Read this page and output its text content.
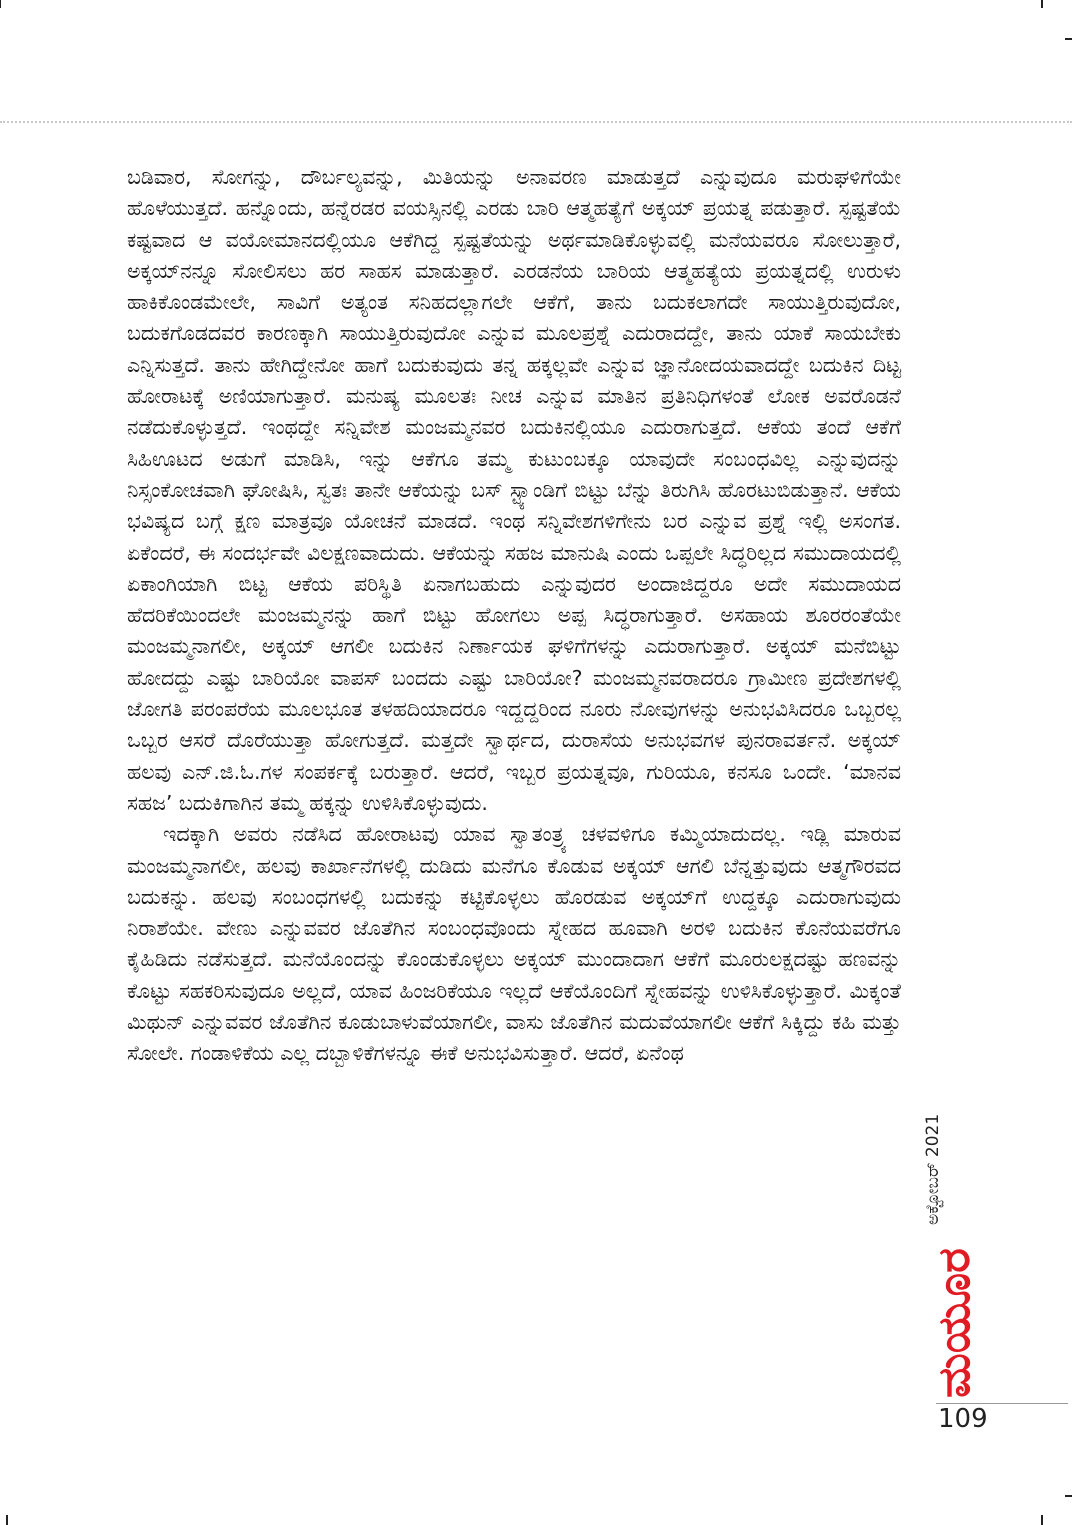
ಬಡಿವಾರ, ಸೋಗನ್ನು, ದೌರ್ಬಲ್ಯವನ್ನು, ಮಿತಿಯನ್ನು ಅನಾವರಣ ಮಾಡುತ್ತದೆ ಎನ್ನುವುದೂ ಮರುಘಳಿಗೆಯೇ ಹೊಳೆಯುತ್ತದೆ. ಹನ್ನೊಂದು, ಹನ್ನೆರಡರ ವಯಸ್ಸಿನಲ್ಲಿ ಎರಡು ಬಾರಿ ಆತ್ಮಹತ್ಯೆಗೆ ಅಕ್ಕಯ್ ಪ್ರಯತ್ನ ಪಡುತ್ತಾರೆ. ಸ್ಪಷ್ಟತೆಯೆ ಕಷ್ಟವಾದ ಆ ವಯೋಮಾನದಲ್ಲಿಯೂ ಆಕೆಗಿದ್ದ ಸ್ಪಷ್ಟತೆಯನ್ನು ಅರ್ಥಮಾಡಿಕೊಳ್ಳುವಲ್ಲಿ ಮನೆಯವರೂ ಸೋಲುತ್ತಾರೆ, ಅಕ್ಕಯ್‌ನನ್ನೂ ಸೋಲಿಸಲು ಹರ ಸಾಹಸ ಮಾಡುತ್ತಾರೆ. ಎರಡನೆಯ ಬಾರಿಯ ಆತ್ಮಹತ್ಯೆಯ ಪ್ರಯತ್ನದಲ್ಲಿ ಉರುಳು ಹಾಕಿಕೊಂಡಮೇಲೇ, ಸಾವಿಗೆ ಅತ್ಯಂತ ಸನಿಹದಲ್ಲಾಗಲೇ ಆಕೆಗೆ, ತಾನು ಬದುಕಲಾಗದೇ ಸಾಯುತ್ತಿರುವುದೋ, ಬದುಕಗೊಡದವರ ಕಾರಣಕ್ಕಾಗಿ ಸಾಯುತ್ತಿರುವುದೋ ಎನ್ನುವ ಮೂಲಪ್ರಶ್ನೆ ಎದುರಾದದ್ದೇ, ತಾನು ಯಾಕೆ ಸಾಯಬೇಕು ಎನ್ನಿಸುತ್ತದೆ. ತಾನು ಹೇಗಿದ್ದೇನೋ ಹಾಗೆ ಬದುಕುವುದು ತನ್ನ ಹಕ್ಕಲ್ಲವೇ ಎನ್ನುವ ಜ್ಞಾನೋದಯವಾದದ್ದೇ ಬದುಕಿನ ದಿಟ್ಟ ಹೋರಾಟಕ್ಕೆ ಅಣಿಯಾಗುತ್ತಾರೆ. ಮನುಷ್ಯ ಮೂಲತಃ ನೀಚ ಎನ್ನುವ ಮಾತಿನ ಪ್ರತಿನಿಧಿಗಳಂತೆ ಲೋಕ ಅವರೊಡನೆ ನಡೆದುಕೊಳ್ಳುತ್ತದೆ. ಇಂಥದ್ದೇ ಸನ್ನಿವೇಶ ಮಂಜಮ್ಮನವರ ಬದುಕಿನಲ್ಲಿಯೂ ಎದುರಾಗುತ್ತದೆ. ಆಕೆಯ ತಂದೆ ಆಕೆಗೆ ಸಿಹಿಊಟದ ಅಡುಗೆ ಮಾಡಿಸಿ, ಇನ್ನು ಆಕೆಗೂ ತಮ್ಮ ಕುಟುಂಬಕ್ಕೂ ಯಾವುದೇ ಸಂಬಂಧವಿಲ್ಲ ಎನ್ನುವುದನ್ನು ನಿಸ್ಸಂಕೋಚವಾಗಿ ಘೋಷಿಸಿ, ಸ್ವತಃ ತಾನೇ ಆಕೆಯನ್ನು ಬಸ್ ಸ್ಟ್ಯಾಂಡಿಗೆ ಬಿಟ್ಟು ಬೆನ್ನು ತಿರುಗಿಸಿ ಹೊರಟುಬಿಡುತ್ತಾನೆ. ಆಕೆಯ ಭವಿಷ್ಯದ ಬಗ್ಗೆ ಕ್ಷಣ ಮಾತ್ರವೂ ಯೋಚನೆ ಮಾಡದೆ. ಇಂಥ ಸನ್ನಿವೇಶಗಳಿಗೇನು ಬರ ಎನ್ನುವ ಪ್ರಶ್ನೆ ಇಲ್ಲಿ ಅಸಂಗತ. ಏಕೆಂದರೆ, ಈ ಸಂದರ್ಭವೇ ವಿಲಕ್ಷಣವಾದುದು. ಆಕೆಯನ್ನು ಸಹಜ ಮಾನುಷಿ ಎಂದು ಒಪ್ಪಲೇ ಸಿದ್ಧರಿಲ್ಲದ ಸಮುದಾಯದಲ್ಲಿ ಏಕಾಂಗಿಯಾಗಿ ಬಿಟ್ಟ ಆಕೆಯ ಪರಿಸ್ಥಿತಿ ಏನಾಗಬಹುದು ಎನ್ನುವುದರ ಅಂದಾಜಿದ್ದರೂ ಅದೇ ಸಮುದಾಯದ ಹೆದರಿಕೆಯಿಂದಲೇ ಮಂಜಮ್ಮನನ್ನು ಹಾಗೆ ಬಿಟ್ಟು ಹೋಗಲು ಅಪ್ಪ ಸಿದ್ಧರಾಗುತ್ತಾರೆ. ಅಸಹಾಯ ಶೂರರಂತೆಯೇ ಮಂಜಮ್ಮನಾಗಲೀ, ಅಕ್ಕಯ್ ಆಗಲೀ ಬದುಕಿನ ನಿರ್ಣಾಯಕ ಘಳಿಗೆಗಳನ್ನು ಎದುರಾಗುತ್ತಾರೆ. ಅಕ್ಕಯ್ ಮನೆಬಿಟ್ಟು ಹೋದದ್ದು ಎಷ್ಟು ಬಾರಿಯೋ ವಾಪಸ್ ಬಂದದು ಎಷ್ಟು ಬಾರಿಯೋ? ಮಂಜಮ್ಮನವರಾದರೂ ಗ್ರಾಮೀಣ ಪ್ರದೇಶಗಳಲ್ಲಿ ಜೋಗತಿ ಪರಂಪರೆಯ ಮೂಲಭೂತ ತಳಹದಿಯಾದರೂ ಇದ್ದದ್ದರಿಂದ ನೂರು ನೋವುಗಳನ್ನು ಅನುಭವಿಸಿದರೂ ಒಬ್ಬರಲ್ಲ ಒಬ್ಬರ ಆಸರೆ ದೊರೆಯುತ್ತಾ ಹೋಗುತ್ತದೆ. ಮತ್ತದೇ ಸ್ವಾರ್ಥದ, ದುರಾಸೆಯ ಅನುಭವಗಳ ಪುನರಾವರ್ತನೆ. ಅಕ್ಕಯ್ ಹಲವು ಎನ್.ಜಿ.ಓ.ಗಳ ಸಂಪರ್ಕಕ್ಕೆ ಬರುತ್ತಾರೆ. ಆದರೆ, ಇಬ್ಬರ ಪ್ರಯತ್ನವೂ, ಗುರಿಯೂ, ಕನಸೂ ಒಂದೇ. ‘ಮಾನವ ಸಹಜ’ ಬದುಕಿಗಾಗಿನ ತಮ್ಮ ಹಕ್ಕನ್ನು ಉಳಿಸಿಕೊಳ್ಳುವುದು.

ಇದಕ್ಕಾಗಿ ಅವರು ನಡೆಸಿದ ಹೋರಾಟವು ಯಾವ ಸ್ವಾತಂತ್ರ್ಯ ಚಳವಳಿಗೂ ಕಮ್ಮಿಯಾದುದಲ್ಲ. ಇಡ್ಲಿ ಮಾರುವ ಮಂಜಮ್ಮನಾಗಲೀ, ಹಲವು ಕಾರ್ಖಾನೆಗಳಲ್ಲಿ ದುಡಿದು ಮನೆಗೂ ಕೊಡುವ ಅಕ್ಕಯ್ ಆಗಲಿ ಬೆನ್ನತ್ತುವುದು ಆತ್ಮಗೌರವದ ಬದುಕನ್ನು. ಹಲವು ಸಂಬಂಧಗಳಲ್ಲಿ ಬದುಕನ್ನು ಕಟ್ಟಿಕೊಳ್ಳಲು ಹೊರಡುವ ಅಕ್ಕಯ್‌ಗೆ ಉದ್ದಕ್ಕೂ ಎದುರಾಗುವುದು ನಿರಾಶೆಯೇ. ವೇಣು ಎನ್ನುವವರ ಜೊತೆಗಿನ ಸಂಬಂಧವೊಂದು ಸ್ನೇಹದ ಹೂವಾಗಿ ಅರಳಿ ಬದುಕಿನ ಕೊನೆಯವರೆಗೂ ಕೈಹಿಡಿದು ನಡೆಸುತ್ತದೆ. ಮನೆಯೊಂದನ್ನು ಕೊಂಡುಕೊಳ್ಳಲು ಅಕ್ಕಯ್ ಮುಂದಾದಾಗ ಆಕೆಗೆ ಮೂರುಲಕ್ಷದಷ್ಟು ಹಣವನ್ನು ಕೊಟ್ಟು ಸಹಕರಿಸುವುದೂ ಅಲ್ಲದೆ, ಯಾವ ಹಿಂಜರಿಕೆಯೂ ಇಲ್ಲದೆ ಆಕೆಯೊಂದಿಗೆ ಸ್ನೇಹವನ್ನು ಉಳಿಸಿಕೊಳ್ಳುತ್ತಾರೆ. ಮಿಕ್ಕಂತೆ ಮಿಥುನ್ ಎನ್ನುವವರ ಜೊತೆಗಿನ ಕೂಡುಬಾಳುವೆಯಾಗಲೀ, ವಾಸು ಜೊತೆಗಿನ ಮದುವೆಯಾಗಲೀ ಆಕೆಗೆ ಸಿಕ್ಕಿದ್ದು ಕಹಿ ಮತ್ತು ಸೋಲೇ. ಗಂಡಾಳಿಕೆಯ ಎಲ್ಲ ದಬ್ಬಾಳಿಕೆಗಳನ್ನೂ ಈಕೆ ಅನುಭವಿಸುತ್ತಾರೆ. ಆದರೆ, ಏನೆಂಥ

ಅಕ್ಟೋಬರ್ 2021
ಮಯೂರ
109
